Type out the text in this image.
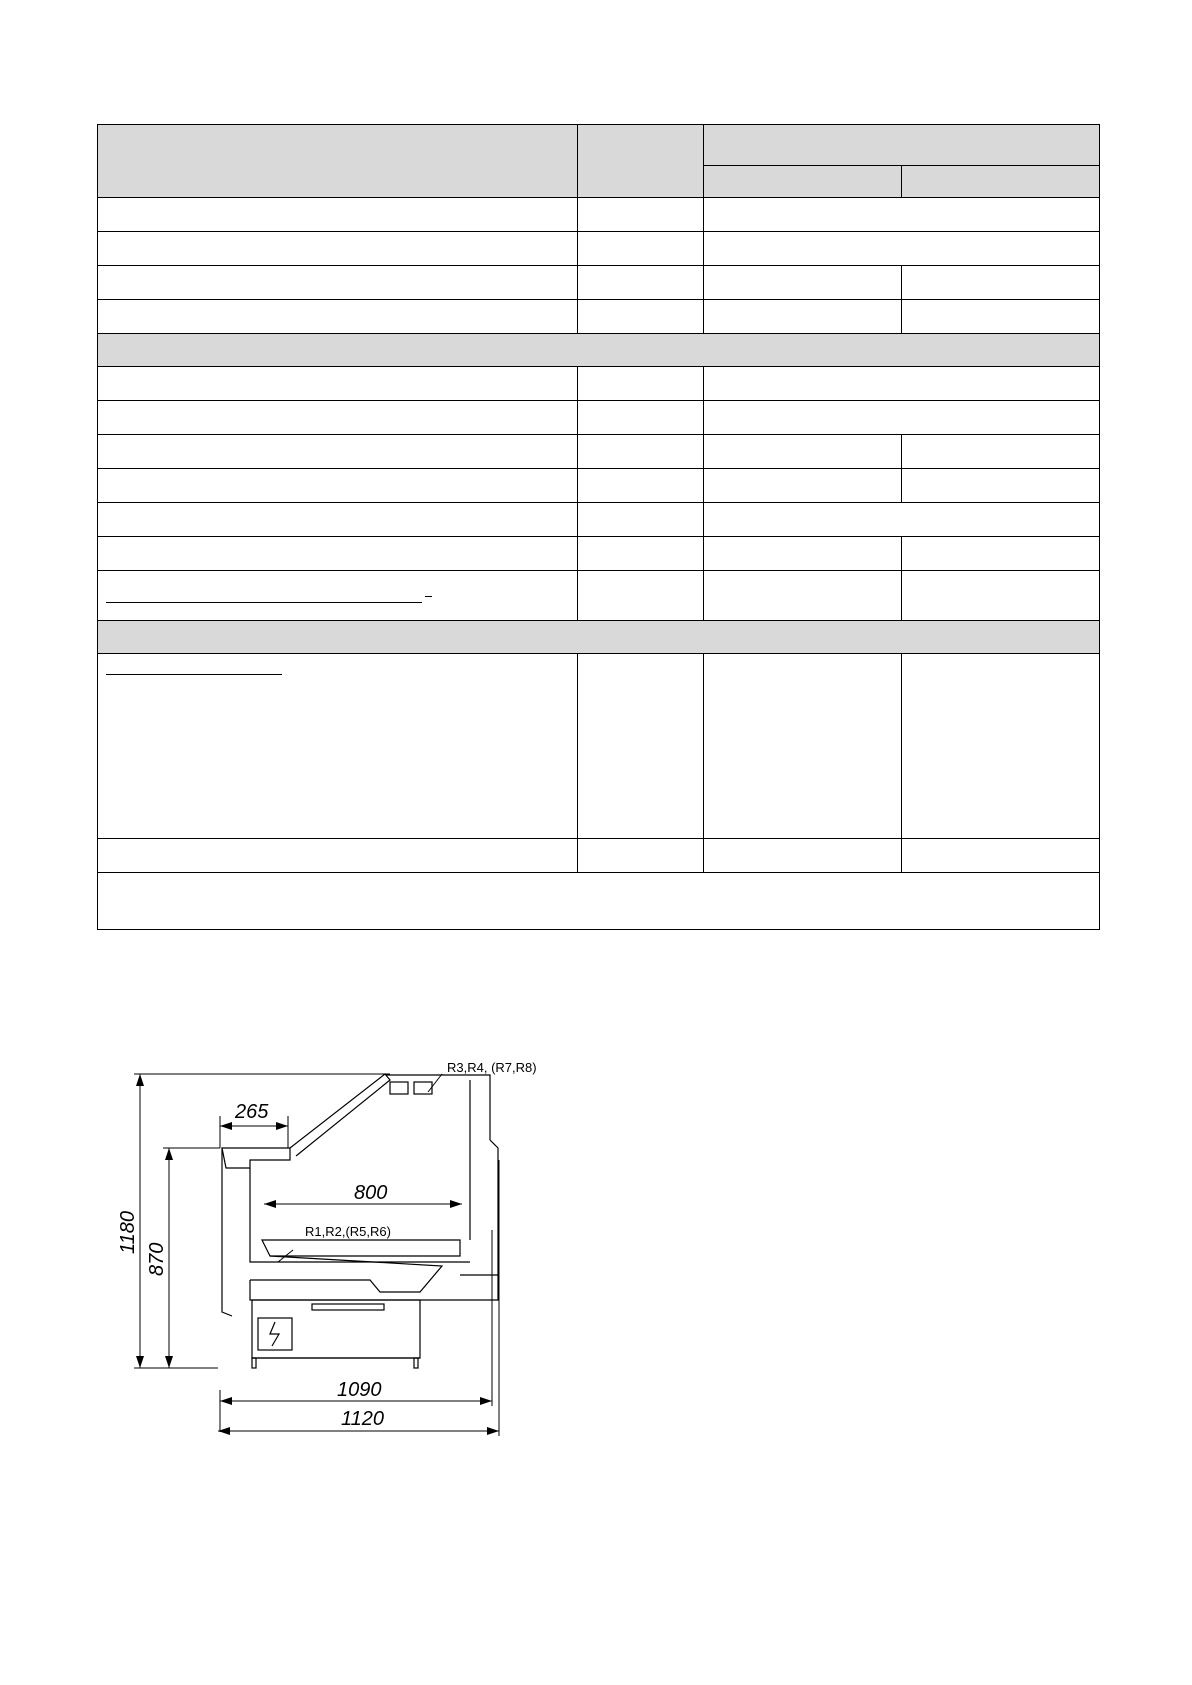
1180
870
265
800
1090
1120
R3,R4, (R7,R8)
R1,R2,(R5,R6)
